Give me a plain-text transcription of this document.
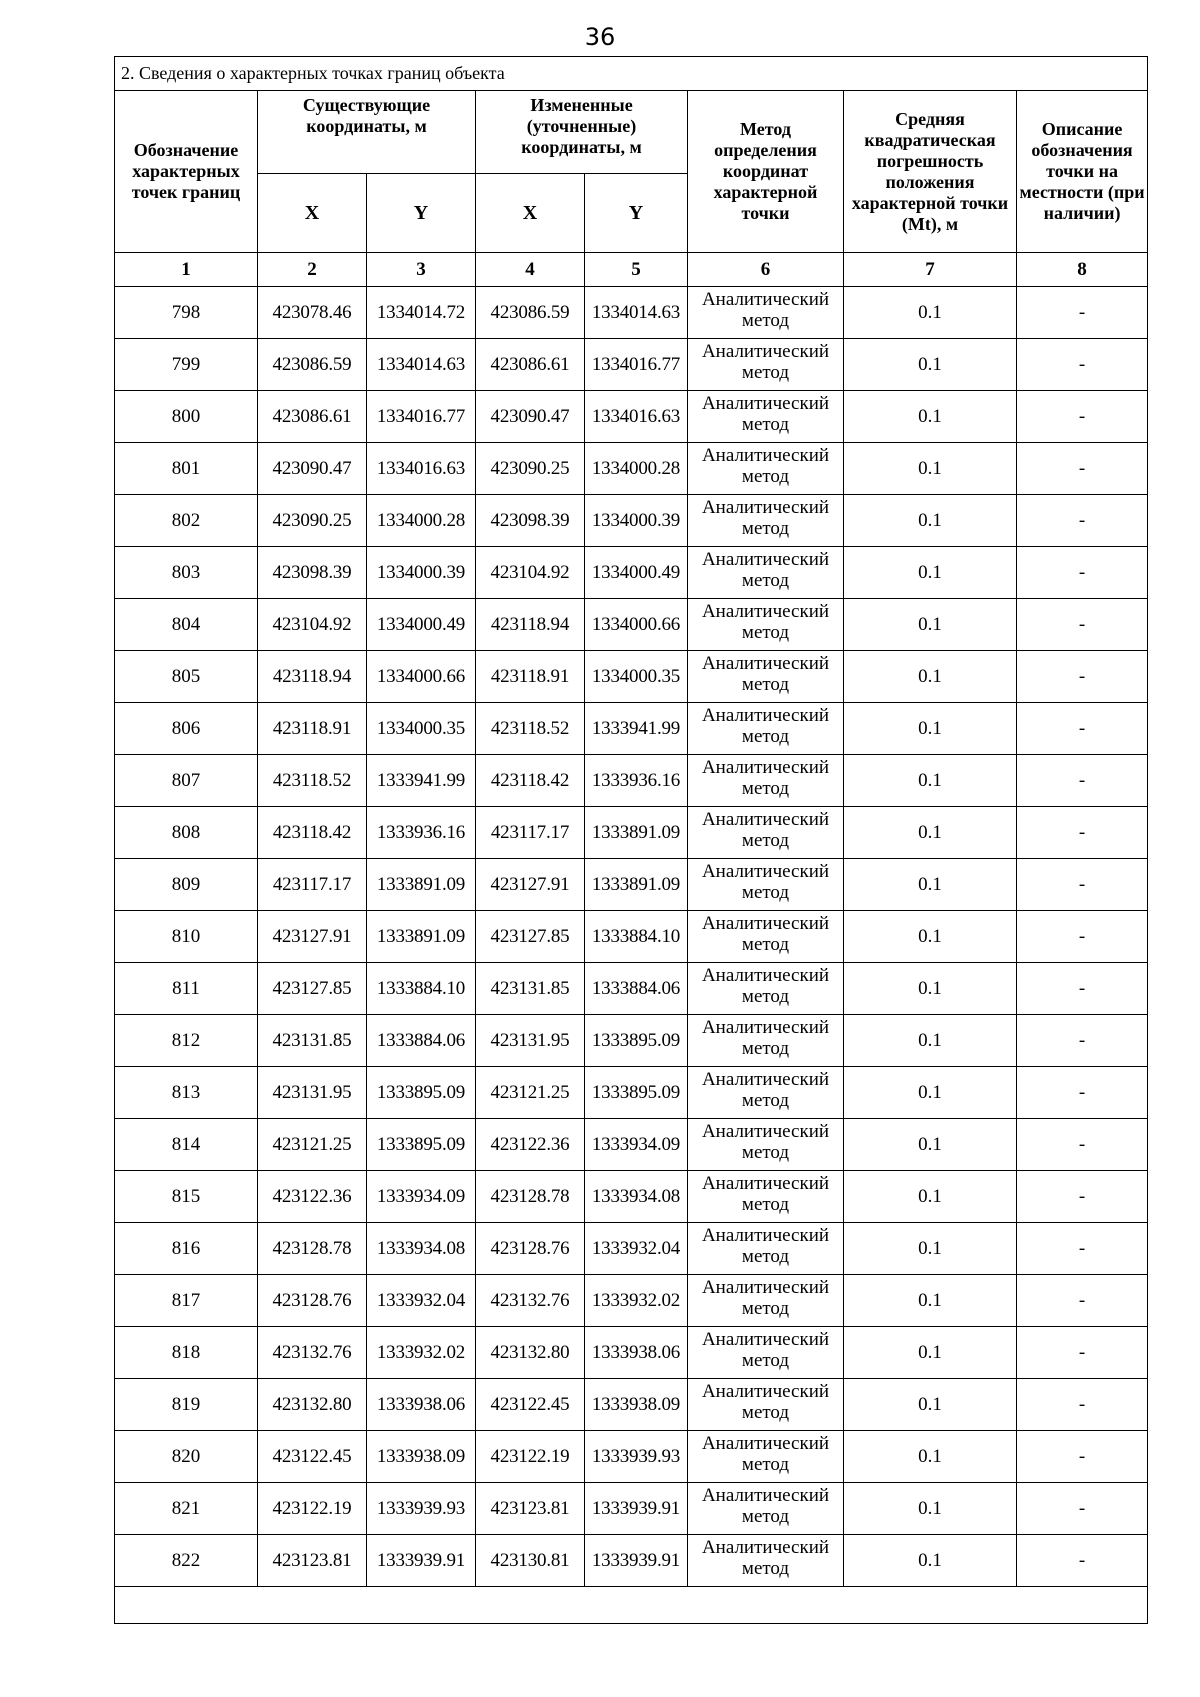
36
2. Сведения о характерных точках границ объекта							
Обозначение характерных точек границ	Существующие координаты, м		Измененные (уточненные) координаты, м		Метод определения координат характерной точки	Средняя квадратическая погрешность положения характерной точки (Mt), м	Описание обозначения точки на местности (при наличии)
	X	Y	X	Y			
1	2	3	4	5	6	7	8
798	423078.46	1334014.72	423086.59	1334014.63	Аналитический метод	0.1	-
799	423086.59	1334014.63	423086.61	1334016.77	Аналитический метод	0.1	-
800	423086.61	1334016.77	423090.47	1334016.63	Аналитический метод	0.1	-
801	423090.47	1334016.63	423090.25	1334000.28	Аналитический метод	0.1	-
802	423090.25	1334000.28	423098.39	1334000.39	Аналитический метод	0.1	-
803	423098.39	1334000.39	423104.92	1334000.49	Аналитический метод	0.1	-
804	423104.92	1334000.49	423118.94	1334000.66	Аналитический метод	0.1	-
805	423118.94	1334000.66	423118.91	1334000.35	Аналитический метод	0.1	-
806	423118.91	1334000.35	423118.52	1333941.99	Аналитический метод	0.1	-
807	423118.52	1333941.99	423118.42	1333936.16	Аналитический метод	0.1	-
808	423118.42	1333936.16	423117.17	1333891.09	Аналитический метод	0.1	-
809	423117.17	1333891.09	423127.91	1333891.09	Аналитический метод	0.1	-
810	423127.91	1333891.09	423127.85	1333884.10	Аналитический метод	0.1	-
811	423127.85	1333884.10	423131.85	1333884.06	Аналитический метод	0.1	-
812	423131.85	1333884.06	423131.95	1333895.09	Аналитический метод	0.1	-
813	423131.95	1333895.09	423121.25	1333895.09	Аналитический метод	0.1	-
814	423121.25	1333895.09	423122.36	1333934.09	Аналитический метод	0.1	-
815	423122.36	1333934.09	423128.78	1333934.08	Аналитический метод	0.1	-
816	423128.78	1333934.08	423128.76	1333932.04	Аналитический метод	0.1	-
817	423128.76	1333932.04	423132.76	1333932.02	Аналитический метод	0.1	-
818	423132.76	1333932.02	423132.80	1333938.06	Аналитический метод	0.1	-
819	423132.80	1333938.06	423122.45	1333938.09	Аналитический метод	0.1	-
820	423122.45	1333938.09	423122.19	1333939.93	Аналитический метод	0.1	-
821	423122.19	1333939.93	423123.81	1333939.91	Аналитический метод	0.1	-
822	423123.81	1333939.91	423130.81	1333939.91	Аналитический метод	0.1	-
